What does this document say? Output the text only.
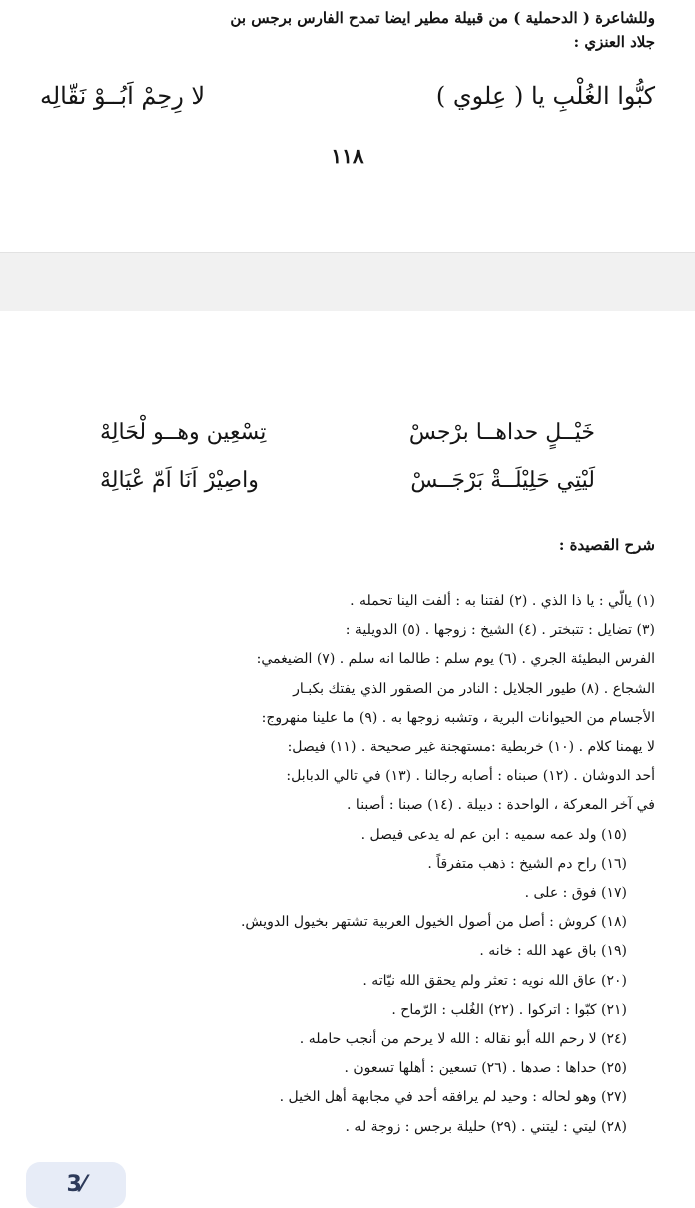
وللشاعرة ( الدحملية ) من قبيلة مطير ايضا تمدح الفارس برجس بن
جلاد العنزي :
كبُّوا الغُلْبِ يا ( عِلوي )
لا رِحِمْ اَبُــوْ نَقّالِه
١١٨
خَيْــلٍ حداهــا برْجسْ
تِسْعِين وهــو لْحَالِهْ
لَيْتِي حَلِيْلَــةْ بَرْجَــسْ
واصِيْرْ اَنَا اَمّ عْيَالِهْ
شرح القصيدة :
(١) يالّي : يا ذا الذي . (٢) لفتنا به : ألفت الينا تحمله .
(٣) تضايل : تتبختر . (٤) الشيخ : زوجها . (٥) الدويلية :
الفرس البطيئة الجري . (٦) يوم سلم : طالما انه سلم . (٧) الضيغمي:
الشجاع . (٨) طيور الجلايل : النادر من الصقور الذي يفتك بكبـار
الأجسام من الحيوانات البرية ، وتشبه زوجها به . (٩) ما علينا منهروج:
لا يهمنا كلام . (١٠) خربطية :مستهجنة غير صحيحة . (١١) فيصل:
أحد الدوشان . (١٢) صبناه : أصابه رجالنا . (١٣) في تالي الدبابل:
في آخر المعركة ، الواحدة : دبيلة . (١٤) صبنا : أصبنا .
(١٥) ولد عمه سميه : ابن عم له يدعى فيصل .
(١٦) راح دم الشيخ : ذهب متفرقاً .
(١٧) فوق : على .
(١٨) كروش : أصل من أصول الخيول العربية تشتهر بخيول الدويش.
(١٩) باق عهد الله : خانه .
(٢٠) عاق الله نويه : تعثر ولم يحقق الله نيّاته .
(٢١) كبّوا : اتركوا . (٢٢) الغُلب : الرّماح .
(٢٤) لا رحم الله أبو نقاله : الله لا يرحم من أنجب حامله .
(٢٥) حداها : صدها . (٢٦) تسعين : أهلها تسعون .
(٢٧) وهو لحاله : وحيد لم يرافقه أحد في مجابهة أهل الخيل .
(٢٨) ليتي : ليتني . (٢٩) حليلة برجس : زوجة له .
3⁄
